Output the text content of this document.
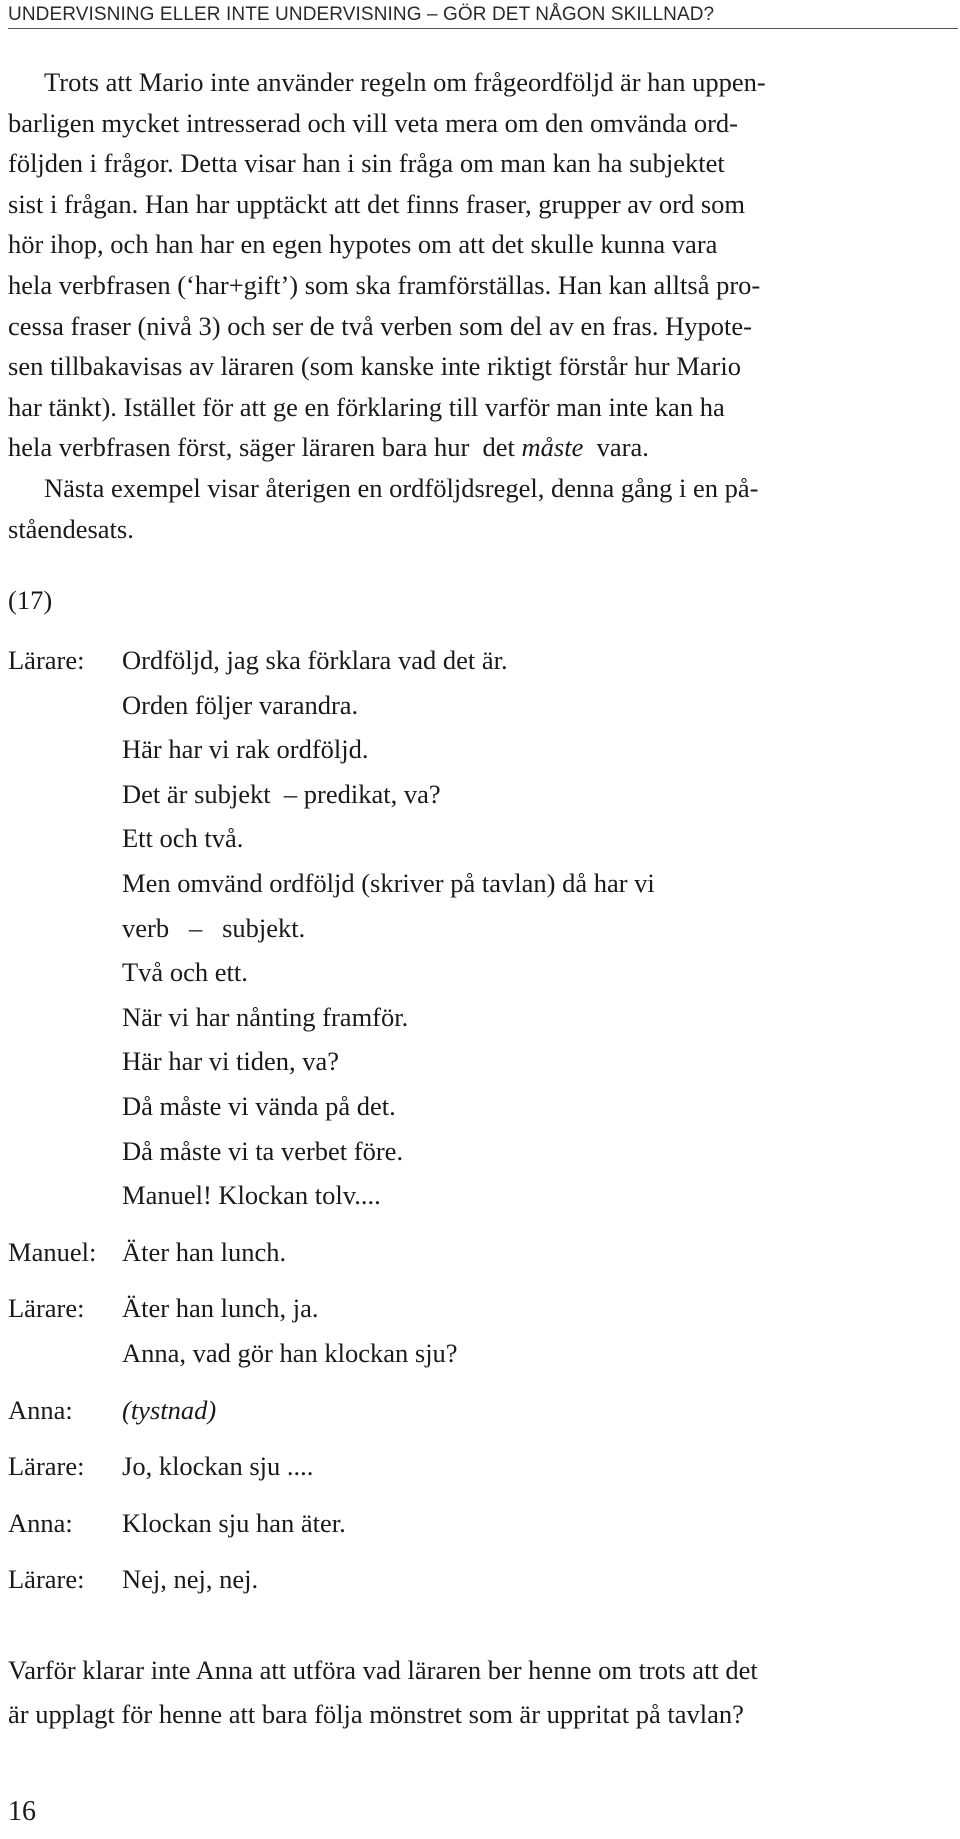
UNDERVISNING ELLER INTE UNDERVISNING – GÖR DET NÅGON SKILLNAD?

Trots att Mario inte använder regeln om frågeordföljd är han uppen-
barligen mycket intresserad och vill veta mera om den omvända ord-
följden i frågor. Detta visar han i sin fråga om man kan ha subjektet
sist i frågan. Han har upptäckt att det finns fraser, grupper av ord som
hör ihop, och han har en egen hypotes om att det skulle kunna vara
hela verbfrasen (‘har+gift’) som ska framförställas. Han kan alltså pro-
cessa fraser (nivå 3) och ser de två verben som del av en fras. Hypote-
sen tillbakavisas av läraren (som kanske inte riktigt förstår hur Mario
har tänkt). Istället för att ge en förklaring till varför man inte kan ha
hela verbfrasen först, säger läraren bara hur  det måste  vara.

Nästa exempel visar återigen en ordföljdsregel, denna gång i en på-
ståendesats.

(17)

Lärare:	Ordföljd, jag ska förklara vad det är.
Orden följer varandra.
Här har vi rak ordföljd.
Det är subjekt  – predikat, va?
Ett och två.
Men omvänd ordföljd (skriver på tavlan) då har vi
verb   –   subjekt.
Två och ett.
När vi har nånting framför.
Här har vi tiden, va?
Då måste vi vända på det.
Då måste vi ta verbet före.
Manuel! Klockan tolv....
Manuel: Äter han lunch.
Lärare:	Äter han lunch, ja.
Anna, vad gör han klockan sju?
Anna:	(tystnad)
Lärare:	Jo, klockan sju ....
Anna:	Klockan sju han äter.
Lärare:	Nej, nej, nej.

Varför klarar inte Anna att utföra vad läraren ber henne om trots att det
är upplagt för henne att bara följa mönstret som är uppritat på tavlan?

16
